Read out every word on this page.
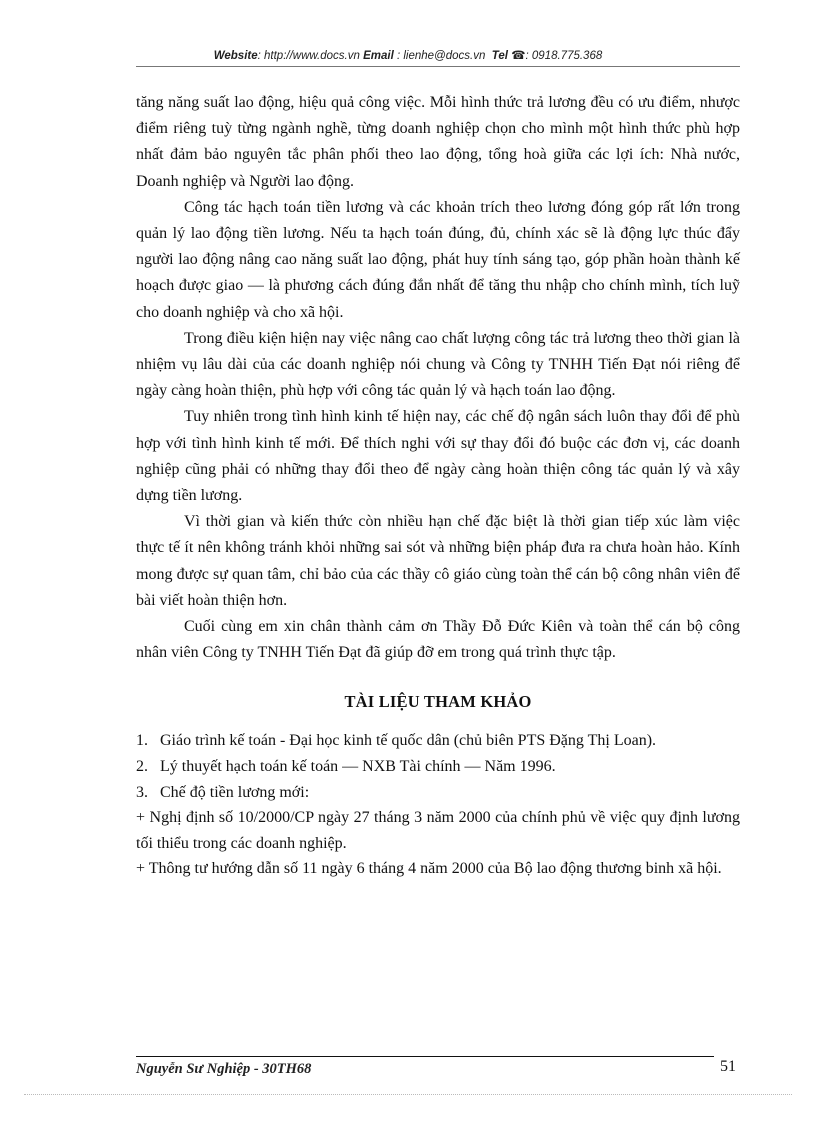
Website: http://www.docs.vn Email : lienhe@docs.vn Tel ☎: 0918.775.368

tăng năng suất lao động, hiệu quả công việc. Mỗi hình thức trả lương đều có ưu điểm, nhược điểm riêng tuỳ từng ngành nghề, từng doanh nghiệp chọn cho mình một hình thức phù hợp nhất đảm bảo nguyên tắc phân phối theo lao động, tổng hoà giữa các lợi ích: Nhà nước, Doanh nghiệp và Người lao động.

Công tác hạch toán tiền lương và các khoản trích theo lương đóng góp rất lớn trong quản lý lao động tiền lương. Nếu ta hạch toán đúng, đủ, chính xác sẽ là động lực thúc đẩy người lao động nâng cao năng suất lao động, phát huy tính sáng tạo, góp phần hoàn thành kế hoạch được giao — là phương cách đúng đắn nhất để tăng thu nhập cho chính mình, tích luỹ cho doanh nghiệp và cho xã hội.

Trong điều kiện hiện nay việc nâng cao chất lượng công tác trả lương theo thời gian là nhiệm vụ lâu dài của các doanh nghiệp nói chung và Công ty TNHH Tiến Đạt nói riêng để ngày càng hoàn thiện, phù hợp với công tác quản lý và hạch toán lao động.

Tuy nhiên trong tình hình kinh tế hiện nay, các chế độ ngân sách luôn thay đổi để phù hợp với tình hình kinh tế mới. Để thích nghi với sự thay đổi đó buộc các đơn vị, các doanh nghiệp cũng phải có những thay đổi theo để ngày càng hoàn thiện công tác quản lý và xây dựng tiền lương.

Vì thời gian và kiến thức còn nhiều hạn chế đặc biệt là thời gian tiếp xúc làm việc thực tế ít nên không tránh khỏi những sai sót và những biện pháp đưa ra chưa hoàn hảo. Kính mong được sự quan tâm, chỉ bảo của các thầy cô giáo cùng toàn thể cán bộ công nhân viên để bài viết hoàn thiện hơn.

Cuối cùng em xin chân thành cảm ơn Thầy Đỗ Đức Kiên và toàn thể cán bộ công nhân viên Công ty TNHH Tiến Đạt đã giúp đỡ em trong quá trình thực tập.

TÀI LIỆU THAM KHẢO

1. Giáo trình kế toán - Đại học kinh tế quốc dân (chủ biên PTS Đặng Thị Loan).

2. Lý thuyết hạch toán kế toán — NXB Tài chính — Năm 1996.

3. Chế độ tiền lương mới:

+ Nghị định số 10/2000/CP ngày 27 tháng 3 năm 2000 của chính phủ về việc quy định lương tối thiểu trong các doanh nghiệp.

+ Thông tư hướng dẫn số 11 ngày 6 tháng 4 năm 2000 của Bộ lao động thương binh xã hội.

Nguyễn Sư Nghiệp - 30TH68	51
